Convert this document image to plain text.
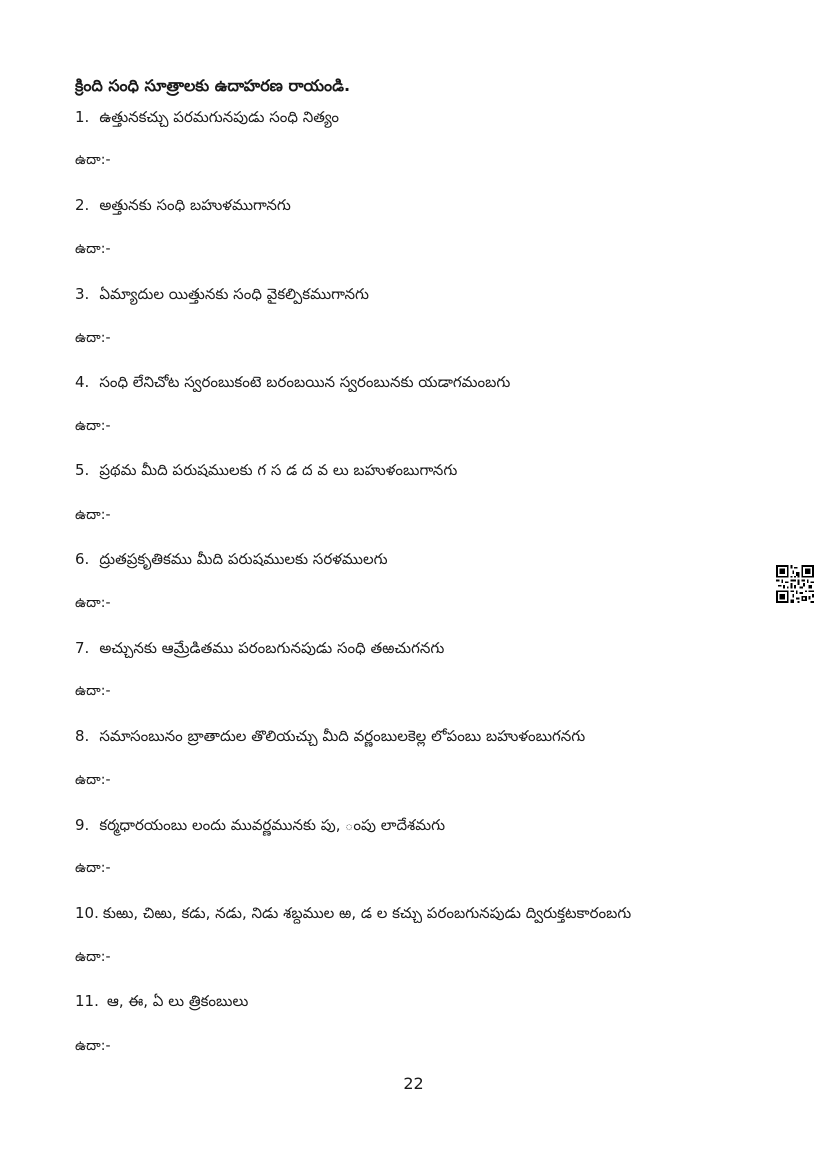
క్రింది సంధి సూత్రాలకు ఉదాహరణ రాయండి.
1. ఉత్తునకచ్చు పరమగునపుడు సంధి నిత్యం
ఉదా:-
2. అత్తునకు సంధి బహుళముగానగు
ఉదా:-
3. ఏమ్యాదుల యిత్తునకు సంధి వైకల్పికముగానగు
ఉదా:-
4. సంధి లేనిచోట స్వరంబుకంటె బరంబయిన స్వరంబునకు యడాగమంబగు
ఉదా:-
5. ప్రథమ మీది పరుషములకు గ స డ ద వ లు బహుళంబుగానగు
ఉదా:-
6. ద్రుతప్రకృతికము మీది పరుషములకు సరళములగు
ఉదా:-
7. అచ్చునకు ఆమ్రేడితము పరంబగునపుడు సంధి తఱచుగనగు
ఉదా:-
8. సమాసంబునం బ్రాతాదుల తొలియచ్చు మీది వర్ణంబులకెల్ల లోపంబు బహుళంబుగనగు
ఉదా:-
9. కర్మధారయంబు లందు మువర్ణమునకు పు, ంపు లాదేశమగు
ఉదా:-
10. కుఱు, చిఱు, కడు, నడు, నిడు శబ్దముల ఱ, డ ల కచ్చు పరంబగునపుడు ద్విరుక్తటకారంబగు
ఉదా:-
11. ఆ, ఈ, ఏ లు త్రికంబులు
ఉదా:-
22
